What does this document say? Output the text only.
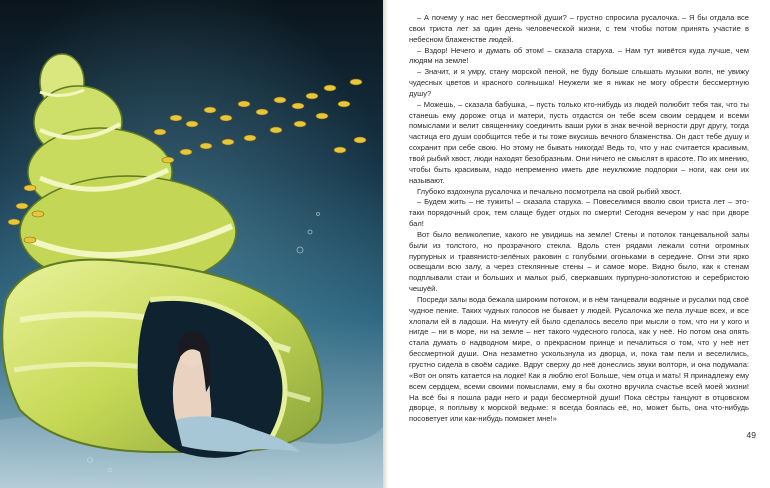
– А почему у нас нет бессмертной души? – грустно спросила русалочка. – Я бы отдала все свои триста лет за один день человеческой жизни, с тем чтобы потом принять участие в небесном блаженстве людей.

– Вздор! Нечего и думать об этом! – сказала старуха. – Нам тут живётся куда лучше, чем людям на земле!

– Значит, и я умру, стану морской пеной, не буду больше слышать музыки волн, не увижу чудесных цветов и красного солнышка! Неужели же я никак не могу обрести бессмертную душу?

– Можешь, – сказала бабушка, – пусть только кто-нибудь из людей полюбит тебя так, что ты станешь ему дороже отца и матери, пусть отдастся он тебе всем своим сердцем и всеми помыслами и велит священнику соединить ваши руки в знак вечной верности друг другу, тогда частица его души сообщится тебе и ты тоже вкусишь вечного блаженства. Он даст тебе душу и сохранит при себе свою. Но этому не бывать никогда! Ведь то, что у нас считается красивым, твой рыбий хвост, люди находят безобразным. Они ничего не смыслят в красоте. По их мнению, чтобы быть красивым, надо непременно иметь две неуклюжие подпорки – ноги, как они их называют.

Глубоко вздохнула русалочка и печально посмотрела на свой рыбий хвост.

– Будем жить – не тужить! – сказала старуха. – Повеселимся вволю свои триста лет – это-таки порядочный срок, тем слаще будет отдых по смерти! Сегодня вечером у нас при дворе бал!

Вот было великолепие, какого не увидишь на земле! Стены и потолок танцевальной залы были из толстого, но прозрачного стекла. Вдоль стен рядами лежали сотни огромных пурпурных и травянисто-зелёных раковин с голубыми огоньками в середине. Огни эти ярко освещали всю залу, а через стеклянные стены – и самое море. Видно было, как к стенам подплывали стаи и больших и малых рыб, сверкавших пурпурно-золотистою и серебристою чешуёй.

Посреди залы вода бежала широким потоком, и в нём танцевали водяные и русалки под своё чудное пение. Таких чудных голосов не бывает у людей. Русалочка же пела лучше всех, и все хлопали ей в ладоши. На минуту ей было сделалось весело при мысли о том, что ни у кого и нигде – ни в море, ни на земле – нет такого чудесного голоса, как у неё. Но потом она опять стала думать о надводном мире, о прекрасном принце и печалиться о том, что у неё нет бессмертной души. Она незаметно ускользнула из дворца, и, пока там пели и веселились, грустно сидела в своём садике. Вдруг сверху до неё донеслись звуки волторн, и она подумала: «Вот он опять катается на лодке! Как я люблю его! Больше, чем отца и мать! Я принадлежу ему всем сердцем, всеми своими помыслами, ему я бы охотно вручила счастье всей моей жизни! На всё бы я пошла ради него и ради бессмертной души! Пока сёстры танцуют в отцовском дворце, я поплыву к морской ведьме: я всегда боялась её, но, может быть, она что-нибудь посоветует или как-нибудь поможет мне!»

49
